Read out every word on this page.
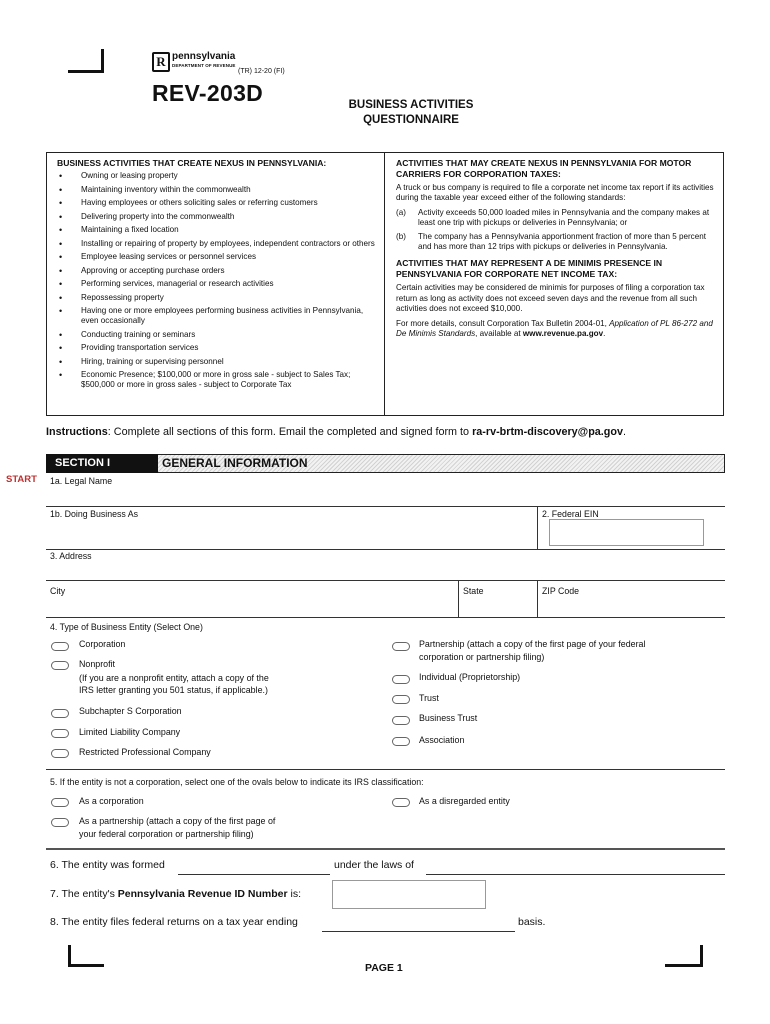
R pennsylvania
DEPARTMENT OF REVENUE
(TR) 12-20 (FI)
REV-203D	BUSINESS ACTIVITIES
QUESTIONNAIRE
BUSINESS ACTIVITIES THAT CREATE NEXUS IN PENNSYLVANIA:
• Owning or leasing property
• Maintaining inventory within the commonwealth
• Having employees or others soliciting sales or referring customers
• Delivering property into the commonwealth
• Maintaining a fixed location
• Installing or repairing of property by employees, independent contractors or others
• Employee leasing services or personnel services
• Approving or accepting purchase orders
• Performing services, managerial or research activities
• Repossessing property
• Having one or more employees performing business activities in Pennsylvania, even occasionally
• Conducting training or seminars
• Providing transportation services
• Hiring, training or supervising personnel
• Economic Presence; $100,000 or more in gross sale - subject to Sales Tax; $500,000 or more in gross sales - subject to Corporate Tax
ACTIVITIES THAT MAY CREATE NEXUS IN PENNSYLVANIA FOR MOTOR CARRIERS FOR CORPORATION TAXES:

A truck or bus company is required to file a corporate net income tax report if its activities during the taxable year exceed either of the following standards:

(a) Activity exceeds 50,000 loaded miles in Pennsylvania and the company makes at least one trip with pickups or deliveries in Pennsylvania; or
(b) The company has a Pennsylvania apportionment fraction of more than 5 percent and has more than 12 trips with pickups or deliveries in Pennsylvania.
ACTIVITIES THAT MAY REPRESENT A DE MINIMIS PRESENCE IN PENNSYLVANIA FOR CORPORATE NET INCOME TAX:

Certain activities may be considered de minimis for purposes of filing a corporation tax return as long as activity does not exceed seven days and the revenue from all such activities does not exceed $10,000.

For more details, consult Corporation Tax Bulletin 2004-01, Application of PL 86-272 and De Minimis Standards, available at www.revenue.pa.gov.

Instructions: Complete all sections of this form. Email the completed and signed form to ra-rv-brtm-discovery@pa.gov.
SECTION I	GENERAL INFORMATION
START 1a. Legal Name
1b. Doing Business As	2. Federal EIN
3. Address
City	State	ZIP Code
4. Type of Business Entity (Select One)
Corporation
Nonprofit
(If you are a nonprofit entity, attach a copy of the
IRS letter granting you 501 status, if applicable.)
Subchapter S Corporation
Limited Liability Company
Restricted Professional Company
Partnership (attach a copy of the first page of your federal
corporation or partnership filing)
Individual (Proprietorship)
Trust
Business Trust
Association
5. If the entity is not a corporation, select one of the ovals below to indicate its IRS classification:
As a corporation	As a disregarded entity
As a partnership (attach a copy of the first page of
your federal corporation or partnership filing)
6. The entity was formed	under the laws of
7. The entity's Pennsylvania Revenue ID Number is:
8. The entity files federal returns on a tax year ending	basis.
PAGE 1
